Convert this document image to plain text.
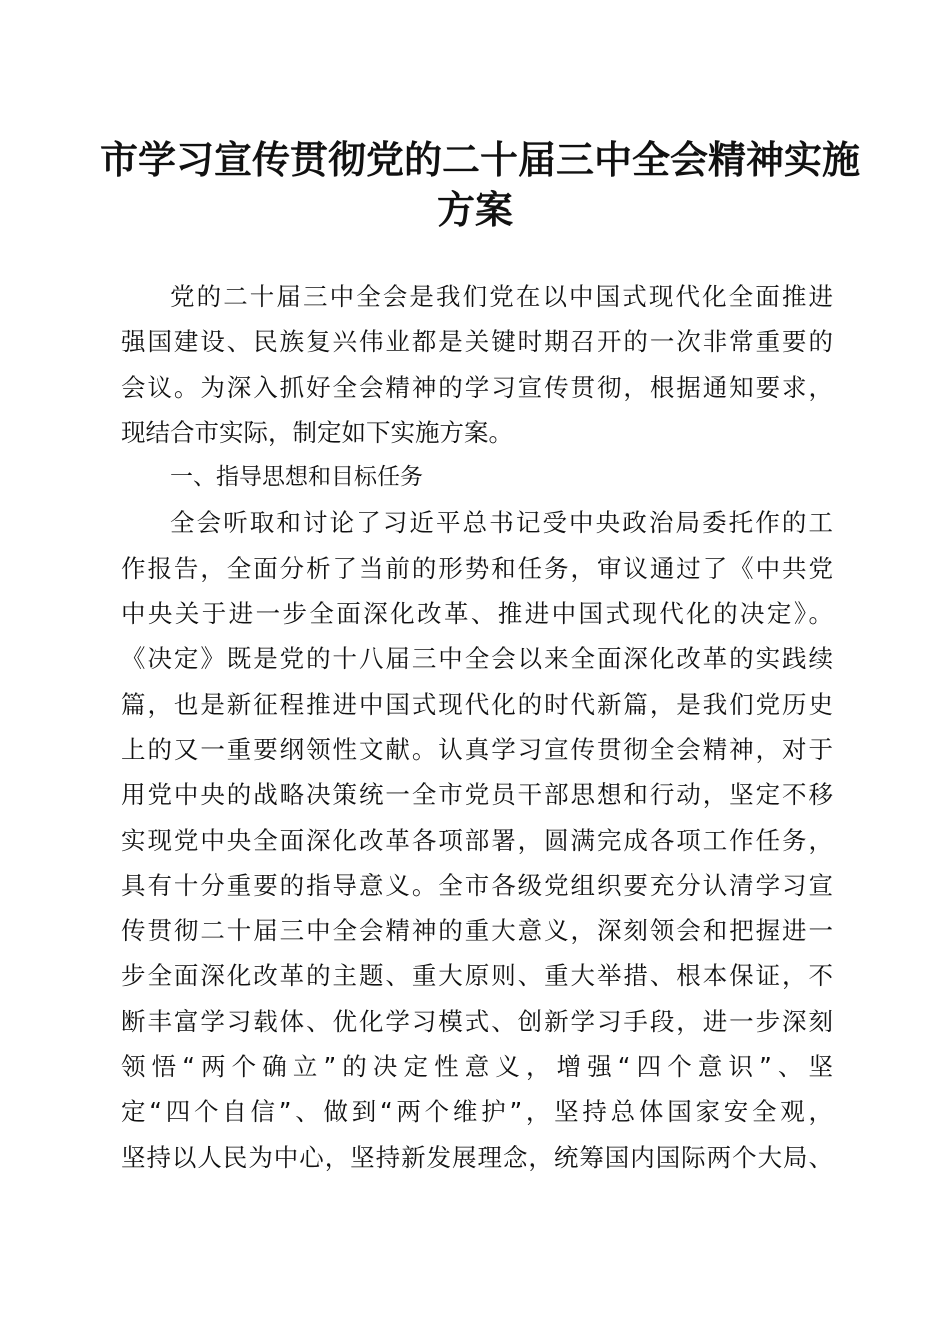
市学习宣传贯彻党的二十届三中全会精神实施
方案
党的二十届三中全会是我们党在以中国式现代化全面推进
强国建设、民族复兴伟业都是关键时期召开的一次非常重要的
会议。为深入抓好全会精神的学习宣传贯彻，根据通知要求，
现结合市实际，制定如下实施方案。
一、指导思想和目标任务
全会听取和讨论了习近平总书记受中央政治局委托作的工
作报告，全面分析了当前的形势和任务，审议通过了《中共党
中央关于进一步全面深化改革、推进中国式现代化的决定》。
《决定》既是党的十八届三中全会以来全面深化改革的实践续
篇，也是新征程推进中国式现代化的时代新篇，是我们党历史
上的又一重要纲领性文献。认真学习宣传贯彻全会精神，对于
用党中央的战略决策统一全市党员干部思想和行动，坚定不移
实现党中央全面深化改革各项部署，圆满完成各项工作任务，
具有十分重要的指导意义。全市各级党组织要充分认清学习宣
传贯彻二十届三中全会精神的重大意义，深刻领会和把握进一
步全面深化改革的主题、重大原则、重大举措、根本保证，不
断丰富学习载体、优化学习模式、创新学习手段，进一步深刻
领悟“两个确立”的决定性意义，增强“四个意识”、坚
定“四个自信”、做到“两个维护”，坚持总体国家安全观，
坚持以人民为中心，坚持新发展理念，统筹国内国际两个大局、
